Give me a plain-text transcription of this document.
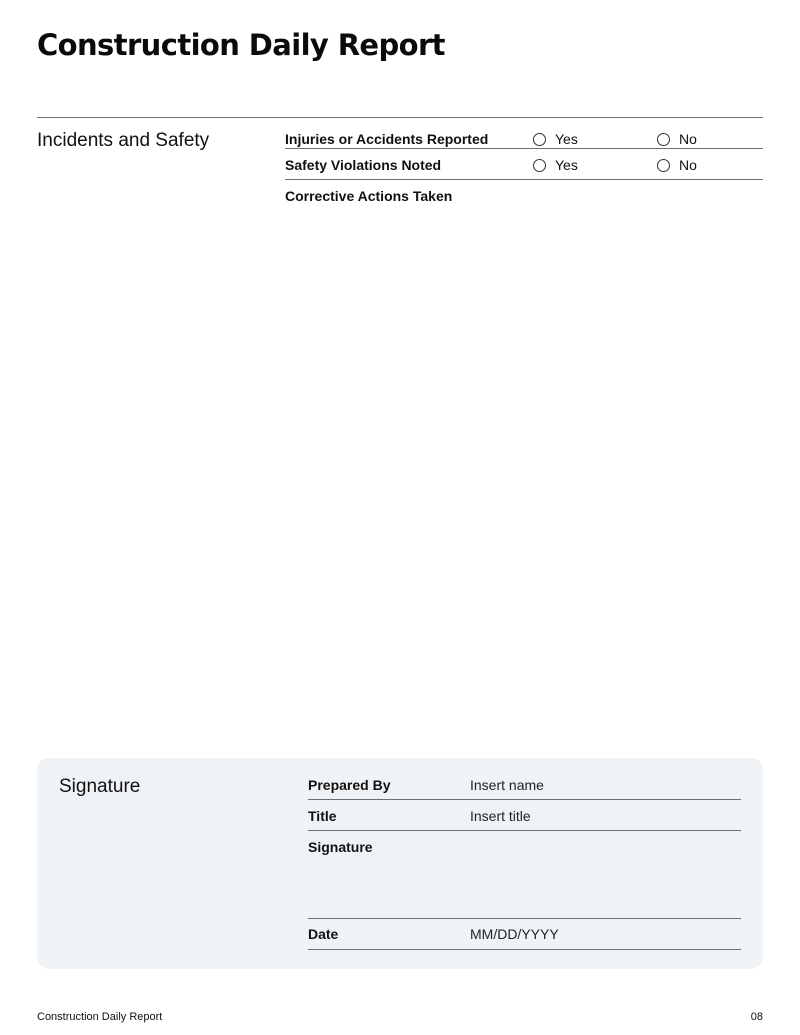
Construction Daily Report
Incidents and Safety	Injuries or Accidents Reported	Yes	No
Safety Violations Noted	Yes	No
Corrective Actions Taken
Signature	Prepared By	Insert name
Title	Insert title
Signature
Date	MM/DD/YYYY
Construction Daily Report	08
